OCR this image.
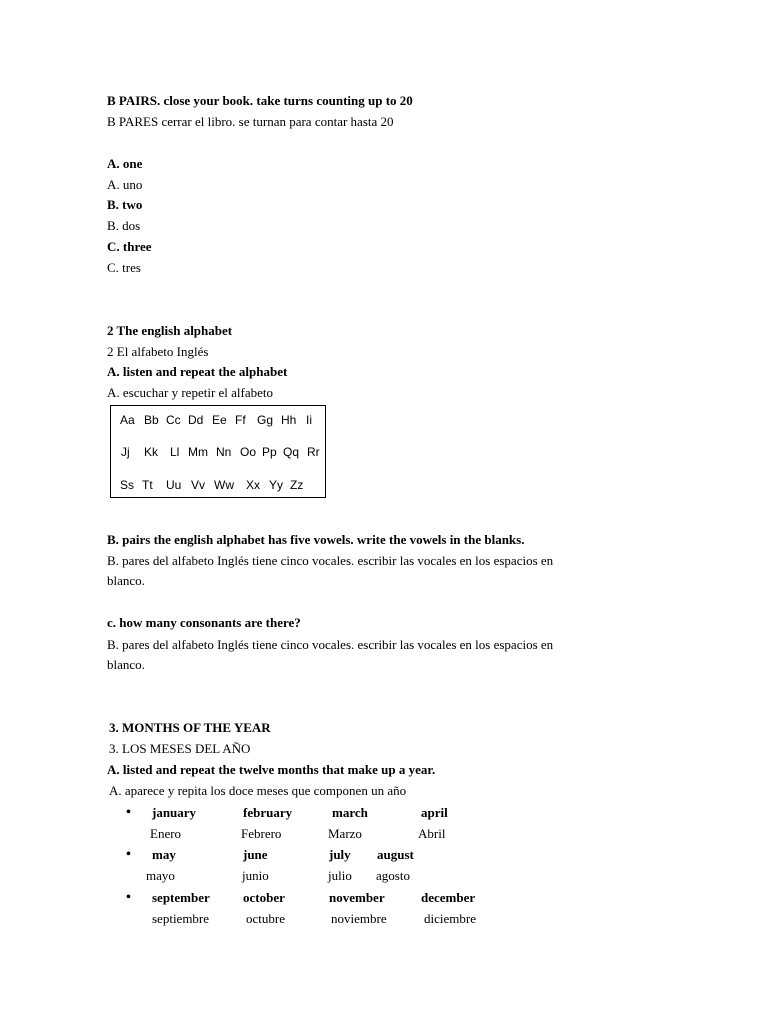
B PAIRS. close your book. take turns counting up to 20
B PARES cerrar el libro. se turnan para contar hasta 20
A. one
A. uno
B. two
B. dos
C. three
C. tres
2 The english alphabet
2 El alfabeto Inglés
A. listen and repeat the alphabet
A. escuchar y repetir el alfabeto
Aa Bb Cc Dd Ee Ff Gg Hh Ii
Jj Kk Ll Mm Nn Oo Pp Qq Rr
Ss Tt Uu Vv Ww Xx Yy Zz
B. pairs the english alphabet has five vowels. write the vowels in the blanks.
B. pares del alfabeto Inglés tiene cinco vocales. escribir las vocales en los espacios en
blanco.
c. how many consonants are there?
B. pares del alfabeto Inglés tiene cinco vocales. escribir las vocales en los espacios en
blanco.
3. MONTHS OF THE YEAR
3. LOS MESES DEL AÑO
A. listed and repeat the twelve months that make up a year.
A. aparece y repita los doce meses que componen un año
• january	february	march	april
Enero	Febrero	Marzo	Abril
• may	june	july august
mayo	junio	julio agosto
• september	october	november	december
septiembre	octubre	noviembre	diciembre
